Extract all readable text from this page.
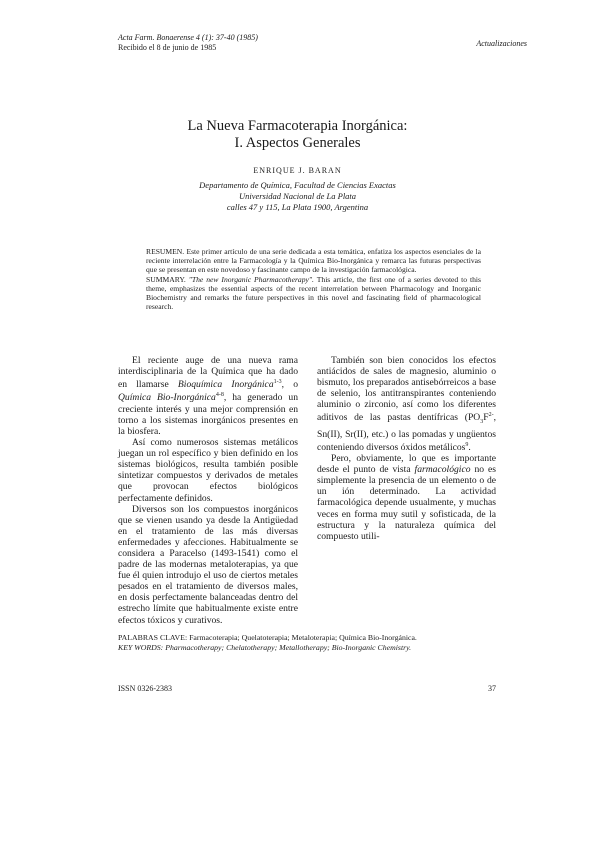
Acta Farm. Bonaerense 4 (1): 37-40 (1985)
Recibido el 8 de junio de 1985	Actualizaciones
La Nueva Farmacoterapia Inorgánica:
I. Aspectos Generales
ENRIQUE J. BARAN
Departamento de Química, Facultad de Ciencias Exactas
Universidad Nacional de La Plata
calles 47 y 115, La Plata 1900, Argentina
RESUMEN. Este primer artículo de una serie dedicada a esta temática, enfatiza los aspectos esenciales de la reciente interrelación entre la Farmacología y la Química Bio-Inorgánica y remarca las futuras perspectivas que se presentan en este novedoso y fascinante campo de la investigación farmacológica.
SUMMARY. "The new Inorganic Pharmacotherapy". This article, the first one of a series devoted to this theme, emphasizes the essential aspects of the recent interrelation between Pharmacology and Inorganic Biochemistry and remarks the future perspectives in this novel and fascinating field of pharmacological research.

El reciente auge de una nueva rama interdisciplinaria de la Química que ha dado en llamarse Bioquímica Inorgánica$^{1-3}$, o Química Bio-Inorgánica$^{4-8}$, ha generado un creciente interés y una mejor comprensión en torno a los sistemas inorgánicos presentes en la biosfera.

Así como numerosos sistemas metálicos juegan un rol específico y bien definido en los sistemas biológicos, resulta también posible sintetizar compuestos y derivados de metales que provocan efectos biológicos perfectamente definidos.

Diversos son los compuestos inorgánicos que se vienen usando ya desde la Antigüedad en el tratamiento de las más diversas enfermedades y afecciones. Habitualmente se considera a Paracelso (1493-1541) como el padre de las modernas metaloterapias, ya que fue él quien introdujo el uso de ciertos metales pesados en el tratamiento de diversos males, en dosis perfectamente balanceadas dentro del estrecho límite que habitualmente existe entre efectos tóxicos y curativos.

También son bien conocidos los efectos antiácidos de sales de magnesio, aluminio o bismuto, los preparados antisebórreicos a base de selenio, los antitranspirantes conteniendo aluminio o zirconio, así como los diferentes aditivos de las pastas dentífricas ($PO_3F^{2-}$, Sn(II), Sr(II), etc.) o las pomadas y ungüentos conteniendo diversos óxidos metálicos$^9$.

Pero, obviamente, lo que es importante desde el punto de vista farmacológico no es simplemente la presencia de un elemento o de un ión determinado. La actividad farmacológica depende usualmente, y muchas veces en forma muy sutil y sofisticada, de la estructura y la naturaleza química del compuesto utili-

PALABRAS CLAVE: Farmacoterapia; Quelatoterapia; Metaloterapia; Química Bio-Inorgánica.
KEY WORDS: Pharmacotherapy; Chelatotherapy; Metallotherapy; Bio-Inorganic Chemistry.
ISSN 0326-2383	37
